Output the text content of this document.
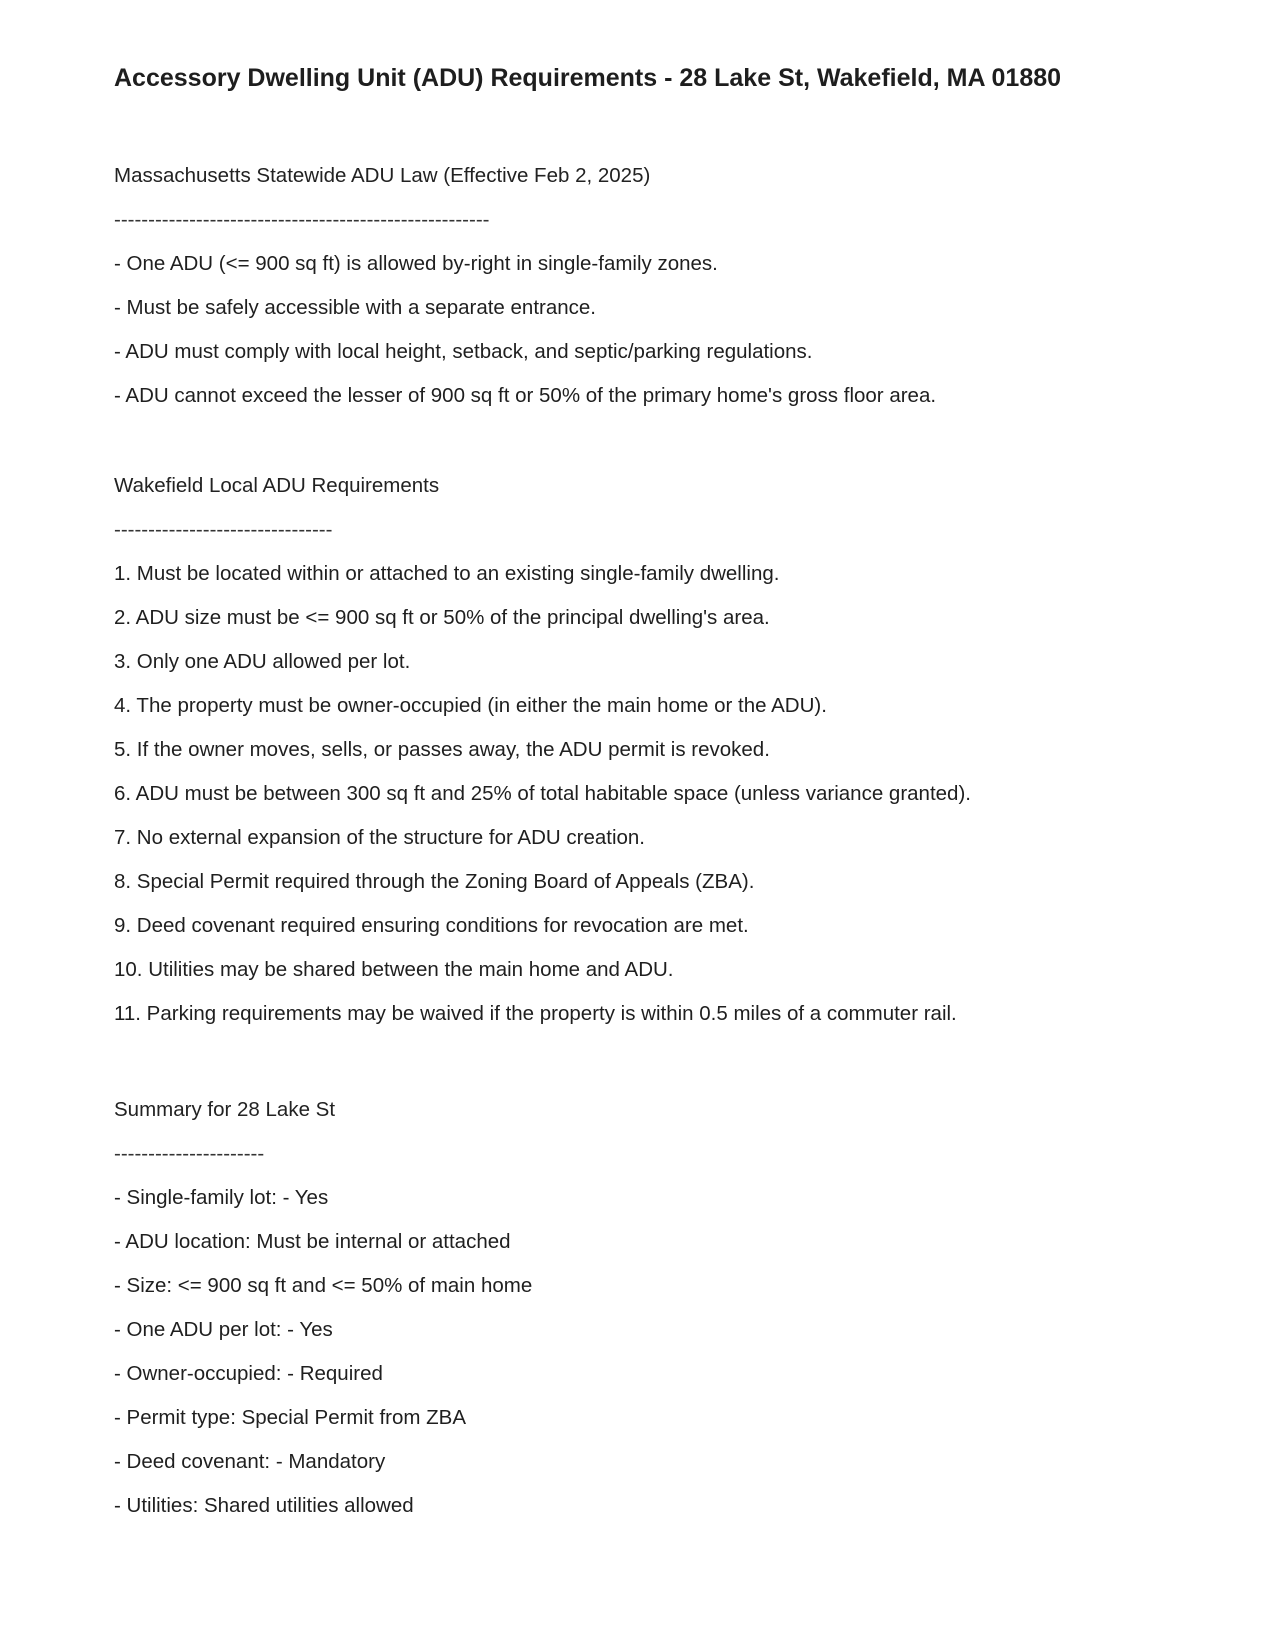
Accessory Dwelling Unit (ADU) Requirements - 28 Lake St, Wakefield, MA 01880
Massachusetts Statewide ADU Law (Effective Feb 2, 2025)
-------------------------------------------------------
- One ADU (<= 900 sq ft) is allowed by-right in single-family zones.
- Must be safely accessible with a separate entrance.
- ADU must comply with local height, setback, and septic/parking regulations.
- ADU cannot exceed the lesser of 900 sq ft or 50% of the primary home's gross floor area.
Wakefield Local ADU Requirements
--------------------------------
1. Must be located within or attached to an existing single-family dwelling.
2. ADU size must be <= 900 sq ft or 50% of the principal dwelling's area.
3. Only one ADU allowed per lot.
4. The property must be owner-occupied (in either the main home or the ADU).
5. If the owner moves, sells, or passes away, the ADU permit is revoked.
6. ADU must be between 300 sq ft and 25% of total habitable space (unless variance granted).
7. No external expansion of the structure for ADU creation.
8. Special Permit required through the Zoning Board of Appeals (ZBA).
9. Deed covenant required ensuring conditions for revocation are met.
10. Utilities may be shared between the main home and ADU.
11. Parking requirements may be waived if the property is within 0.5 miles of a commuter rail.
Summary for 28 Lake St
----------------------
- Single-family lot: - Yes
- ADU location: Must be internal or attached
- Size: <= 900 sq ft and <= 50% of main home
- One ADU per lot: - Yes
- Owner-occupied: - Required
- Permit type: Special Permit from ZBA
- Deed covenant: - Mandatory
- Utilities: Shared utilities allowed
